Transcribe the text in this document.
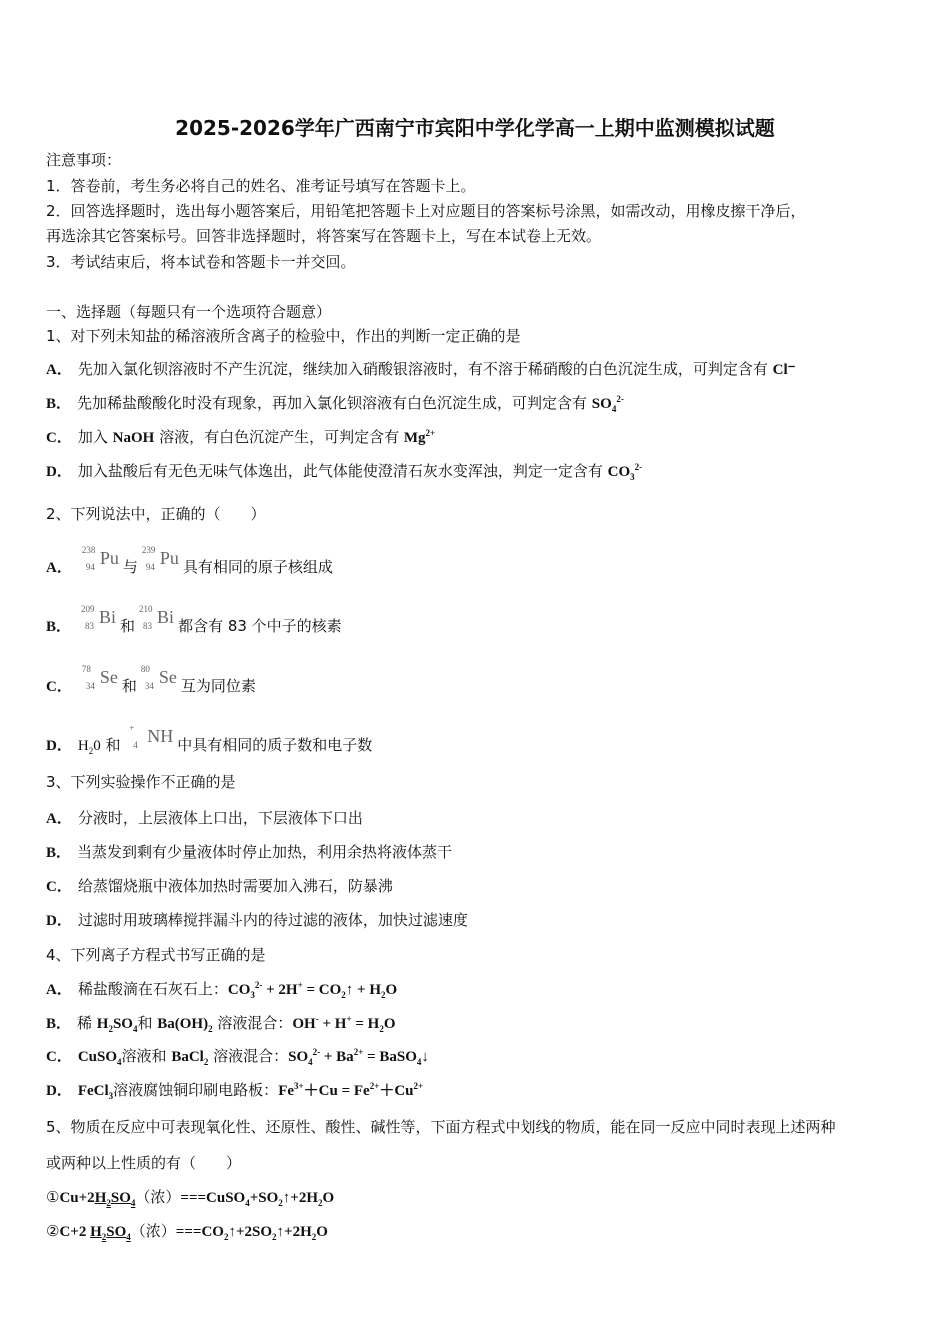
2025-2026学年广西南宁市宾阳中学化学高一上期中监测模拟试题
注意事项：
1．答卷前，考生务必将自己的姓名、准考证号填写在答题卡上。
2．回答选择题时，选出每小题答案后，用铅笔把答题卡上对应题目的答案标号涂黑，如需改动，用橡皮擦干净后，
再选涂其它答案标号。回答非选择题时，将答案写在答题卡上，写在本试卷上无效。
3．考试结束后，将本试卷和答题卡一并交回。
一、选择题（每题只有一个选项符合题意）
1、对下列未知盐的稀溶液所含离子的检验中，作出的判断一定正确的是
A． 先加入氯化钡溶液时不产生沉淀，继续加入硝酸银溶液时，有不溶于稀硝酸的白色沉淀生成，可判定含有 Cl⁻
B． 先加稀盐酸酸化时没有现象，再加入氯化钡溶液有白色沉淀生成，可判定含有 $SO_4^{2-}$
C． 加入 NaOH 溶液，有白色沉淀产生，可判定含有 $Mg^{2+}$
D． 加入盐酸后有无色无味气体逸出，此气体能使澄清石灰水变浑浊，判定一定含有 $CO_3^{2-}$
2、下列说法中，正确的（　　）
A．
238
94 Pu 与
239
94 Pu 具有相同的原子核组成
B．
209
83 Bi 和
210
83 Bi 都含有 83 个中子的核素
C．
78
34 Se 和
80
34 Se 互为同位素
D． $H_20$ 和
+
4 NH 中具有相同的质子数和电子数
3、下列实验操作不正确的是
A． 分液时，上层液体上口出，下层液体下口出
B． 当蒸发到剩有少量液体时停止加热，利用余热将液体蒸干
C． 给蒸馏烧瓶中液体加热时需要加入沸石，防暴沸
D． 过滤时用玻璃棒搅拌漏斗内的待过滤的液体，加快过滤速度
4、下列离子方程式书写正确的是
A． 稀盐酸滴在石灰石上：$CO_3^{2-} + 2H^+$ = $CO_2↑ + H_2O$
B． 稀 $H_2SO_4$和 $Ba(OH)_2$ 溶液混合：$OH^- + H^+ = H_2O$
C． CuSO$_4$溶液和 BaCl$_2$ 溶液混合：$SO_4^{2-} + Ba^{2+}$ = BaSO$_4$↓
D． FeCl$_3$溶液腐蚀铜印刷电路板：$Fe^{3+}+Cu = Fe^{2+}+Cu^{2+}$
5、物质在反应中可表现氧化性、还原性、酸性、碱性等，下面方程式中划线的物质，能在同一反应中同时表现上述两种
或两种以上性质的有（　　）
$①Cu+2H_2SO_4$（浓）$===CuSO_4+SO_2↑+2H_2O$
②C+2 $H_2SO_4$（浓）$===CO_2↑+2SO_2↑+2H_2O$
